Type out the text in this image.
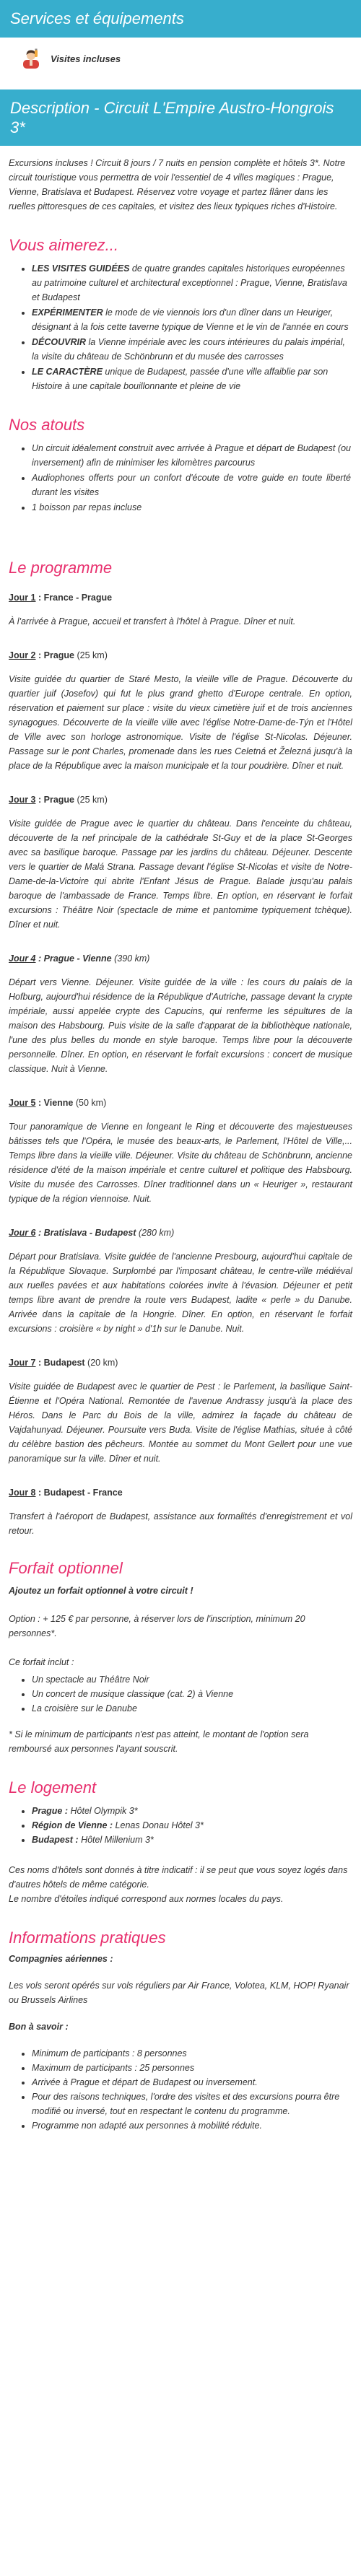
Services et équipements
Visites incluses
Description - Circuit L'Empire Austro-Hongrois 3*

Excursions incluses ! Circuit 8 jours / 7 nuits en pension complète et hôtels 3*. Notre circuit touristique vous permettra de voir l'essentiel de 4 villes magiques : Prague, Vienne, Bratislava et Budapest. Réservez votre voyage et partez flâner dans les ruelles pittoresques de ces capitales, et visitez des lieux typiques riches d'Histoire.

Vous aimerez...
• LES VISITES GUIDÉES de quatre grandes capitales historiques européennes au patrimoine culturel et architectural exceptionnel : Prague, Vienne, Bratislava et Budapest
• EXPÉRIMENTER le mode de vie viennois lors d'un dîner dans un Heuriger, désignant à la fois cette taverne typique de Vienne et le vin de l'année en cours
• DÉCOUVRIR la Vienne impériale avec les cours intérieures du palais impérial, la visite du château de Schönbrunn et du musée des carrosses
• LE CARACTÈRE unique de Budapest, passée d'une ville affaiblie par son Histoire à une capitale bouillonnante et pleine de vie
Nos atouts
• Un circuit idéalement construit avec arrivée à Prague et départ de Budapest (ou inversement) afin de minimiser les kilomètres parcourus
• Audiophones offerts pour un confort d'écoute de votre guide en toute liberté durant les visites
• 1 boisson par repas incluse
Le programme
Jour 1 : France - Prague

À l'arrivée à Prague, accueil et transfert à l'hôtel à Prague. Dîner et nuit.

Jour 2 : Prague (25 km)

Visite guidée du quartier de Staré Mesto, la vieille ville de Prague. Découverte du quartier juif (Josefov) qui fut le plus grand ghetto d'Europe centrale. En option, réservation et paiement sur place : visite du vieux cimetière juif et de trois anciennes synagogues. Découverte de la vieille ville avec l'église Notre-Dame-de-Týn et l'Hôtel de Ville avec son horloge astronomique. Visite de l'église St-Nicolas. Déjeuner. Passage sur le pont Charles, promenade dans les rues Celetná et Železná jusqu'à la place de la République avec la maison municipale et la tour poudrière. Dîner et nuit.

Jour 3 : Prague (25 km)

Visite guidée de Prague avec le quartier du château. Dans l'enceinte du château, découverte de la nef principale de la cathédrale St-Guy et de la place St-Georges avec sa basilique baroque. Passage par les jardins du château. Déjeuner. Descente vers le quartier de Malá Strana. Passage devant l'église St-Nicolas et visite de Notre-Dame-de-la-Victoire qui abrite l'Enfant Jésus de Prague. Balade jusqu'au palais baroque de l'ambassade de France. Temps libre. En option, en réservant le forfait excursions : Théâtre Noir (spectacle de mime et pantomime typiquement tchèque). Dîner et nuit.

Jour 4 : Prague - Vienne (390 km)

Départ vers Vienne. Déjeuner. Visite guidée de la ville : les cours du palais de la Hofburg, aujourd'hui résidence de la République d'Autriche, passage devant la crypte impériale, aussi appelée crypte des Capucins, qui renferme les sépultures de la maison des Habsbourg. Puis visite de la salle d'apparat de la bibliothèque nationale, l'une des plus belles du monde en style baroque. Temps libre pour la découverte personnelle. Dîner. En option, en réservant le forfait excursions : concert de musique classique. Nuit à Vienne.

Jour 5 : Vienne (50 km)

Tour panoramique de Vienne en longeant le Ring et découverte des majestueuses bâtisses tels que l'Opéra, le musée des beaux-arts, le Parlement, l'Hôtel de Ville,... Temps libre dans la vieille ville. Déjeuner. Visite du château de Schönbrunn, ancienne résidence d'été de la maison impériale et centre culturel et politique des Habsbourg. Visite du musée des Carrosses. Dîner traditionnel dans un « Heuriger », restaurant typique de la région viennoise. Nuit.

Jour 6 : Bratislava - Budapest (280 km)

Départ pour Bratislava. Visite guidée de l'ancienne Presbourg, aujourd'hui capitale de la République Slovaque. Surplombé par l'imposant château, le centre-ville médiéval aux ruelles pavées et aux habitations colorées invite à l'évasion. Déjeuner et petit temps libre avant de prendre la route vers Budapest, ladite « perle » du Danube. Arrivée dans la capitale de la Hongrie. Dîner. En option, en réservant le forfait excursions : croisière « by night » d'1h sur le Danube. Nuit.

Jour 7 : Budapest (20 km)

Visite guidée de Budapest avec le quartier de Pest : le Parlement, la basilique Saint-Étienne et l'Opéra National. Remontée de l'avenue Andrassy jusqu'à la place des Héros. Dans le Parc du Bois de la ville, admirez la façade du château de Vajdahunyad. Déjeuner. Poursuite vers Buda. Visite de l'église Mathias, située à côté du célèbre bastion des pêcheurs. Montée au sommet du Mont Gellert pour une vue panoramique sur la ville. Dîner et nuit.

Jour 8 : Budapest - France

Transfert à l'aéroport de Budapest, assistance aux formalités d'enregistrement et vol retour.

Forfait optionnel
Ajoutez un forfait optionnel à votre circuit !

Option : + 125 € par personne, à réserver lors de l'inscription, minimum 20 personnes*.

Ce forfait inclut :

• Un spectacle au Théâtre Noir
• Un concert de musique classique (cat. 2) à Vienne
• La croisière sur le Danube

* Si le minimum de participants n'est pas atteint, le montant de l'option sera remboursé aux personnes l'ayant souscrit.

Le logement
• Prague : Hôtel Olympik 3*
• Région de Vienne : Lenas Donau Hôtel 3*
• Budapest : Hôtel Millenium 3*

Ces noms d'hôtels sont donnés à titre indicatif : il se peut que vous soyez logés dans d'autres hôtels de même catégorie.

Le nombre d'étoiles indiqué correspond aux normes locales du pays.

Informations pratiques
Compagnies aériennes :

Les vols seront opérés sur vols réguliers par Air France, Volotea, KLM, HOP! Ryanair ou Brussels Airlines

Bon à savoir :
• Minimum de participants : 8 personnes
• Maximum de participants : 25 personnes
• Arrivée à Prague et départ de Budapest ou inversement.
• Pour des raisons techniques, l'ordre des visites et des excursions pourra être modifié ou inversé, tout en respectant le contenu du programme.
• Programme non adapté aux personnes à mobilité réduite.
